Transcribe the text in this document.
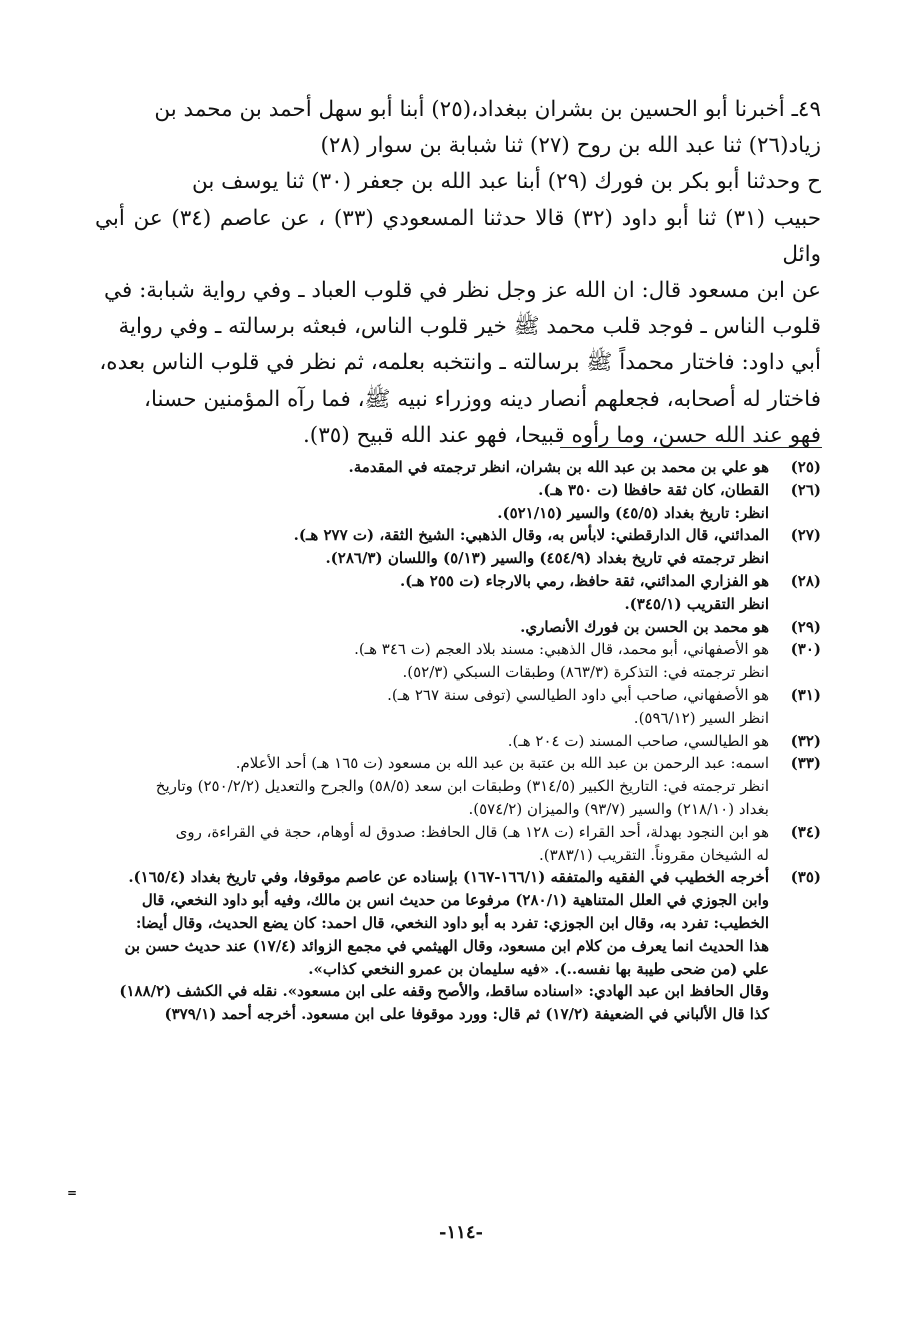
٤٩ـ أخبرنا أبو الحسين بن بشران ببغداد،(٢٥) أبنا أبو سهل أحمد بن محمد بن

زياد(٢٦) ثنا عبد الله بن روح (٢٧) ثنا شبابة بن سوار (٢٨)

ح وحدثنا أبو بكر بن فورك (٢٩) أبنا عبد الله بن جعفر (٣٠) ثنا يوسف بن

حبيب (٣١) ثنا أبو داود (٣٢) قالا حدثنا المسعودي (٣٣) ، عن عاصم (٣٤) عن أبي وائل

عن ابن مسعود قال: ان الله عز وجل نظر في قلوب العباد ـ وفي رواية شبابة: في

قلوب الناس ـ فوجد قلب محمد ﷺ خير قلوب الناس، فبعثه برسالته ـ وفي رواية

أبي داود: فاختار محمداً ﷺ برسالته ـ وانتخبه بعلمه، ثم نظر في قلوب الناس بعده،

فاختار له أصحابه، فجعلهم أنصار دينه ووزراء نبيه ﷺ، فما رآه المؤمنين حسنا،

فهو عند الله حسن، وما رأوه قبيحا، فهو عند الله قبيح (٣٥).

(٢٥)
هو علي بن محمد بن عبد الله بن بشران، انظر ترجمته في المقدمة.
(٢٦)
القطان، كان ثقة حافظا (ت ٣٥٠ هـ).
انظر: تاريخ بغداد (٤٥/٥) والسير (٥٢١/١٥).
(٢٧)
المدائني، قال الدارقطني: لابأس به، وقال الذهبي: الشيخ الثقة، (ت ٢٧٧ هـ).
انظر ترجمته في تاريخ بغداد (٤٥٤/٩) والسير (٥/١٣) واللسان (٢٨٦/٣).
(٢٨)
هو الفزاري المدائني، ثقة حافظ، رمي بالارجاء (ت ٢٥٥ هـ).
انظر التقريب (٣٤٥/١).
(٢٩)
هو محمد بن الحسن بن فورك الأنصاري.
(٣٠)
هو الأصفهاني، أبو محمد، قال الذهبي: مسند بلاد العجم (ت ٣٤٦ هـ).
انظر ترجمته في: التذكرة (٨٦٣/٣) وطبقات السبكي (٥٢/٣).
(٣١)
هو الأصفهاني، صاحب أبي داود الطيالسي (توفى سنة ٢٦٧ هـ).
انظر السير (٥٩٦/١٢).
(٣٢)
هو الطيالسي، صاحب المسند (ت ٢٠٤ هـ).
(٣٣)
اسمه: عبد الرحمن بن عبد الله بن عتبة بن عبد الله بن مسعود (ت ١٦٥ هـ) أحد الأعلام.
انظر ترجمته في: التاريخ الكبير (٣١٤/٥) وطبقات ابن سعد (٥٨/٥) والجرح والتعديل (٢٥٠/٢/٢) وتاريخ
بغداد (٢١٨/١٠) والسير (٩٣/٧) والميزان (٥٧٤/٢).
(٣٤)
هو ابن النجود بهدلة، أحد القراء (ت ١٢٨ هـ) قال الحافظ: صدوق له أوهام، حجة في القراءة، روى
له الشيخان مقروناً. التقريب (٣٨٣/١).
(٣٥)
أخرجه الخطيب في الفقيه والمتفقه (١٦٦/١-١٦٧) بإسناده عن عاصم موقوفا، وفي تاريخ بغداد (١٦٥/٤).
وابن الجوزي في العلل المتناهية (٢٨٠/١) مرفوعا من حديث انس بن مالك، وفيه أبو داود النخعي، قال
الخطيب: تفرد به، وقال ابن الجوزي: تفرد به أبو داود النخعي، قال احمد: كان يضع الحديث، وقال أيضا:
هذا الحديث انما يعرف من كلام ابن مسعود، وقال الهيثمي في مجمع الزوائد (١٧/٤) عند حديث حسن بن
علي (من ضحى طيبة بها نفسه..). «فيه سليمان بن عمرو النخعي كذاب».
وقال الحافظ ابن عبد الهادي: «اسناده ساقط، والأصح وقفه على ابن مسعود». نقله في الكشف (١٨٨/٢)
كذا قال الألباني في الضعيفة (١٧/٢) ثم قال: وورد موقوفا على ابن مسعود. أخرجه أحمد (٣٧٩/١)
=
-١١٤-
